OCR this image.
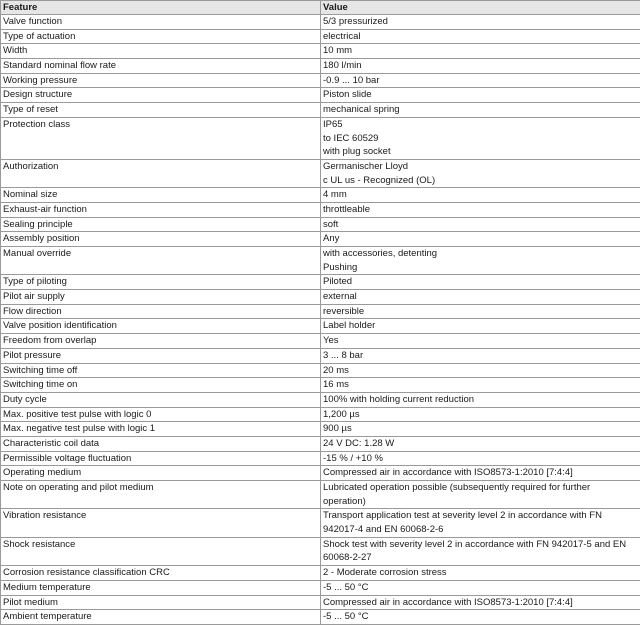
Feature	Value
Valve function	5/3 pressurized

Type of actuation	electrical

Width	10 mm

Standard nominal flow rate	180 l/min

Working pressure	-0.9 ... 10 bar

Design structure	Piston slide

Type of reset	mechanical spring

Protection class	IP65
to IEC 60529
with plug socket

Authorization	Germanischer Lloyd
c UL us - Recognized (OL)

Nominal size	4 mm

Exhaust-air function	throttleable

Sealing principle	soft

Assembly position	Any

Manual override	with accessories, detenting
Pushing

Type of piloting	Piloted

Pilot air supply	external

Flow direction	reversible

Valve position identification	Label holder

Freedom from overlap	Yes

Pilot pressure	3 ... 8 bar

Switching time off	20 ms

Switching time on	16 ms

Duty cycle	100% with holding current reduction

Max. positive test pulse with logic 0	1,200 µs

Max. negative test pulse with logic 1	900 µs

Characteristic coil data	24 V DC: 1.28 W

Permissible voltage fluctuation	-15 % / +10 %

Operating medium	Compressed air in accordance with ISO8573-1:2010 [7:4:4]

Note on operating and pilot medium	Lubricated operation possible (subsequently required for further
operation)

Vibration resistance	Transport application test at severity level 2 in accordance with FN
942017-4 and EN 60068-2-6

Shock resistance	Shock test with severity level 2 in accordance with FN 942017-5 and EN
60068-2-27

Corrosion resistance classification CRC	2 - Moderate corrosion stress

Medium temperature	-5 ... 50 °C

Pilot medium	Compressed air in accordance with ISO8573-1:2010 [7:4:4]

Ambient temperature	-5 ... 50 °C
